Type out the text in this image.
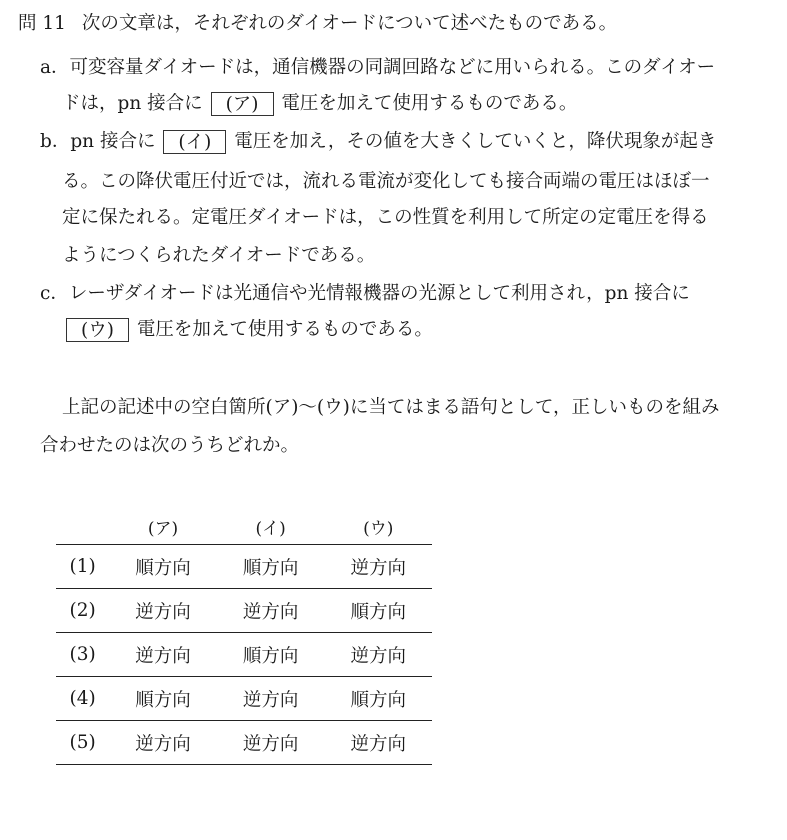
問 11 次の文章は，それぞれのダイオードについて述べたものである。
a．可変容量ダイオードは，通信機器の同調回路などに用いられる。このダイオー
ドは，pn 接合に (ア) 電圧を加えて使用するものである。
b．pn 接合に (イ) 電圧を加え，その値を大きくしていくと，降伏現象が起き
る。この降伏電圧付近では，流れる電流が変化しても接合両端の電圧はほぼ一
定に保たれる。定電圧ダイオードは，この性質を利用して所定の定電圧を得る
ようにつくられたダイオードである。
c．レーザダイオードは光通信や光情報機器の光源として利用され，pn 接合に
(ウ) 電圧を加えて使用するものである。
上記の記述中の空白箇所(ア)～(ウ)に当てはまる語句として，正しいものを組み
合わせたのは次のうちどれか。
	(ア)	(イ)	(ウ)
(1)	順方向	順方向	逆方向
(2)	逆方向	逆方向	順方向
(3)	逆方向	順方向	逆方向
(4)	順方向	逆方向	順方向
(5)	逆方向	逆方向	逆方向
